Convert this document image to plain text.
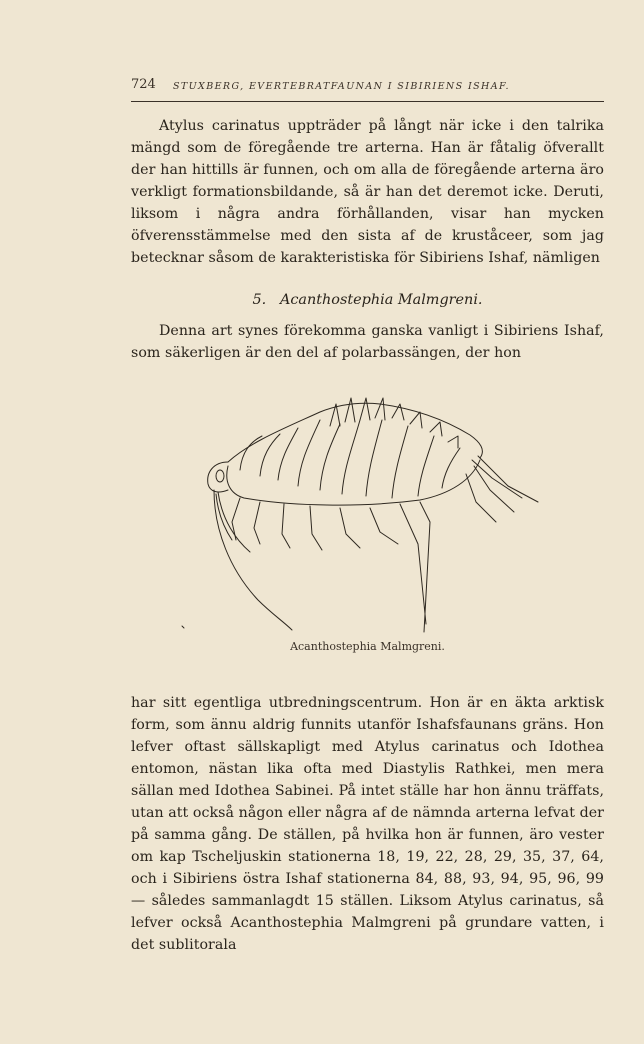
724 STUXBERG, EVERTEBRATFAUNAN I SIBIRIENS ISHAF.

Atylus carinatus uppträder på långt när icke i den talrika mängd som de föregående tre arterna. Han är fåtalig öfverallt der han hittills är funnen, och om alla de föregående arterna äro verkligt formationsbildande, så är han det deremot icke. Deruti, liksom i några andra förhållanden, visar han mycken öfverensstämmelse med den sista af de kruståceer, som jag betecknar såsom de karakteristiska för Sibiriens Ishaf, nämligen

5. Acanthostephia Malmgreni.

Denna art synes förekomma ganska vanligt i Sibiriens Ishaf, som säkerligen är den del af polarbassängen, der hon

Acanthostephia Malmgreni.

har sitt egentliga utbredningscentrum. Hon är en äkta arktisk form, som ännu aldrig funnits utanför Ishafsfaunans gräns. Hon lefver oftast sällskapligt med Atylus carinatus och Idothea entomon, nästan lika ofta med Diastylis Rathkei, men mera sällan med Idothea Sabinei. På intet ställe har hon ännu träffats, utan att också någon eller några af de nämnda arterna lefvat der på samma gång. De ställen, på hvilka hon är funnen, äro vester om kap Tscheljuskin stationerna 18, 19, 22, 28, 29, 35, 37, 64, och i Sibiriens östra Ishaf stationerna 84, 88, 93, 94, 95, 96, 99 — således sammanlagdt 15 ställen. Liksom Atylus carinatus, så lefver också Acanthostephia Malmgreni på grundare vatten, i det sublitorala
